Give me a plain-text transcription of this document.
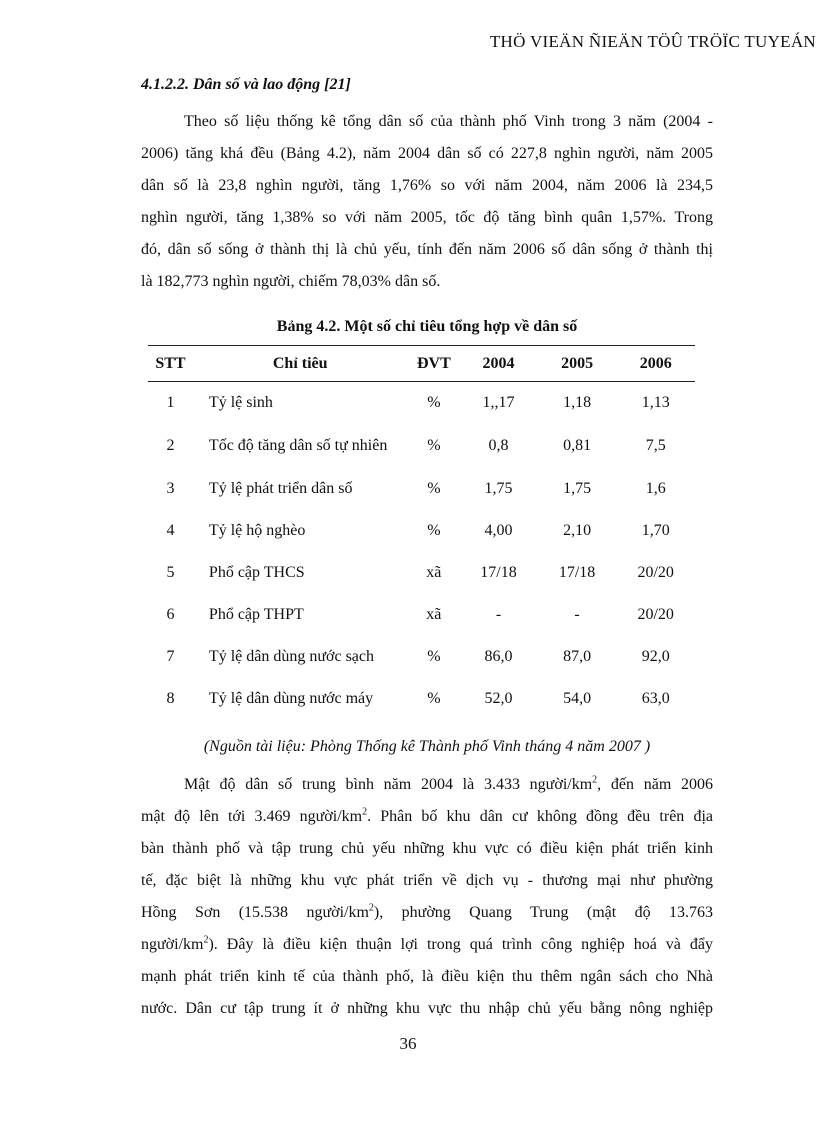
THÖ VIEÄN ÑIEÄN TÖÛ TRÖÏC TUYEÁN
4.1.2.2. Dân số và lao động [21]
Theo số liệu thống kê tổng dân số của thành phố Vinh trong 3 năm (2004 -
2006) tăng khá đều (Bảng 4.2), năm 2004 dân số có 227,8 nghìn người, năm 2005
dân số là 23,8 nghìn người, tăng 1,76% so với năm 2004, năm 2006 là 234,5
nghìn người, tăng 1,38% so với năm 2005, tốc độ tăng bình quân 1,57%. Trong
đó, dân số sống ở thành thị là chủ yếu, tính đến năm 2006 số dân sống ở thành thị
là 182,773 nghìn người, chiếm 78,03% dân số.
Bảng 4.2. Một số chỉ tiêu tổng hợp về dân số
STT	Chỉ tiêu	ĐVT	2004	2005	2006
1	Tỷ lệ sinh	%	1,,17	1,18	1,13
2	Tốc độ tăng dân số tự nhiên	%	0,8	0,81	7,5
3	Tỷ lệ phát triển dân số	%	1,75	1,75	1,6
4	Tỷ lệ hộ nghèo	%	4,00	2,10	1,70
5	Phổ cập THCS	xã	17/18	17/18	20/20
6	Phổ cập THPT	xã	-	-	20/20
7	Tỷ lệ dân dùng nước sạch	%	86,0	87,0	92,0
8	Tỷ lệ dân dùng nước máy	%	52,0	54,0	63,0
(Nguồn tài liệu: Phòng Thống kê Thành phố Vinh tháng 4 năm 2007 )
Mật độ dân số trung bình năm 2004 là 3.433 người/$km^2$, đến năm 2006
mật độ lên tới 3.469 người/$km^2$. Phân bố khu dân cư không đồng đều trên địa
bàn thành phố và tập trung chủ yếu những khu vực có điều kiện phát triển kinh
tế, đặc biệt là những khu vực phát triển về dịch vụ - thương mại như phường
Hồng Sơn (15.538 người/$km^2$), phường Quang Trung (mật độ 13.763
người/$km^2$). Đây là điều kiện thuận lợi trong quá trình công nghiệp hoá và đẩy
mạnh phát triển kinh tế của thành phố, là điều kiện thu thêm ngân sách cho Nhà
nước. Dân cư tập trung ít ở những khu vực thu nhập chủ yếu bằng nông nghiệp
36
